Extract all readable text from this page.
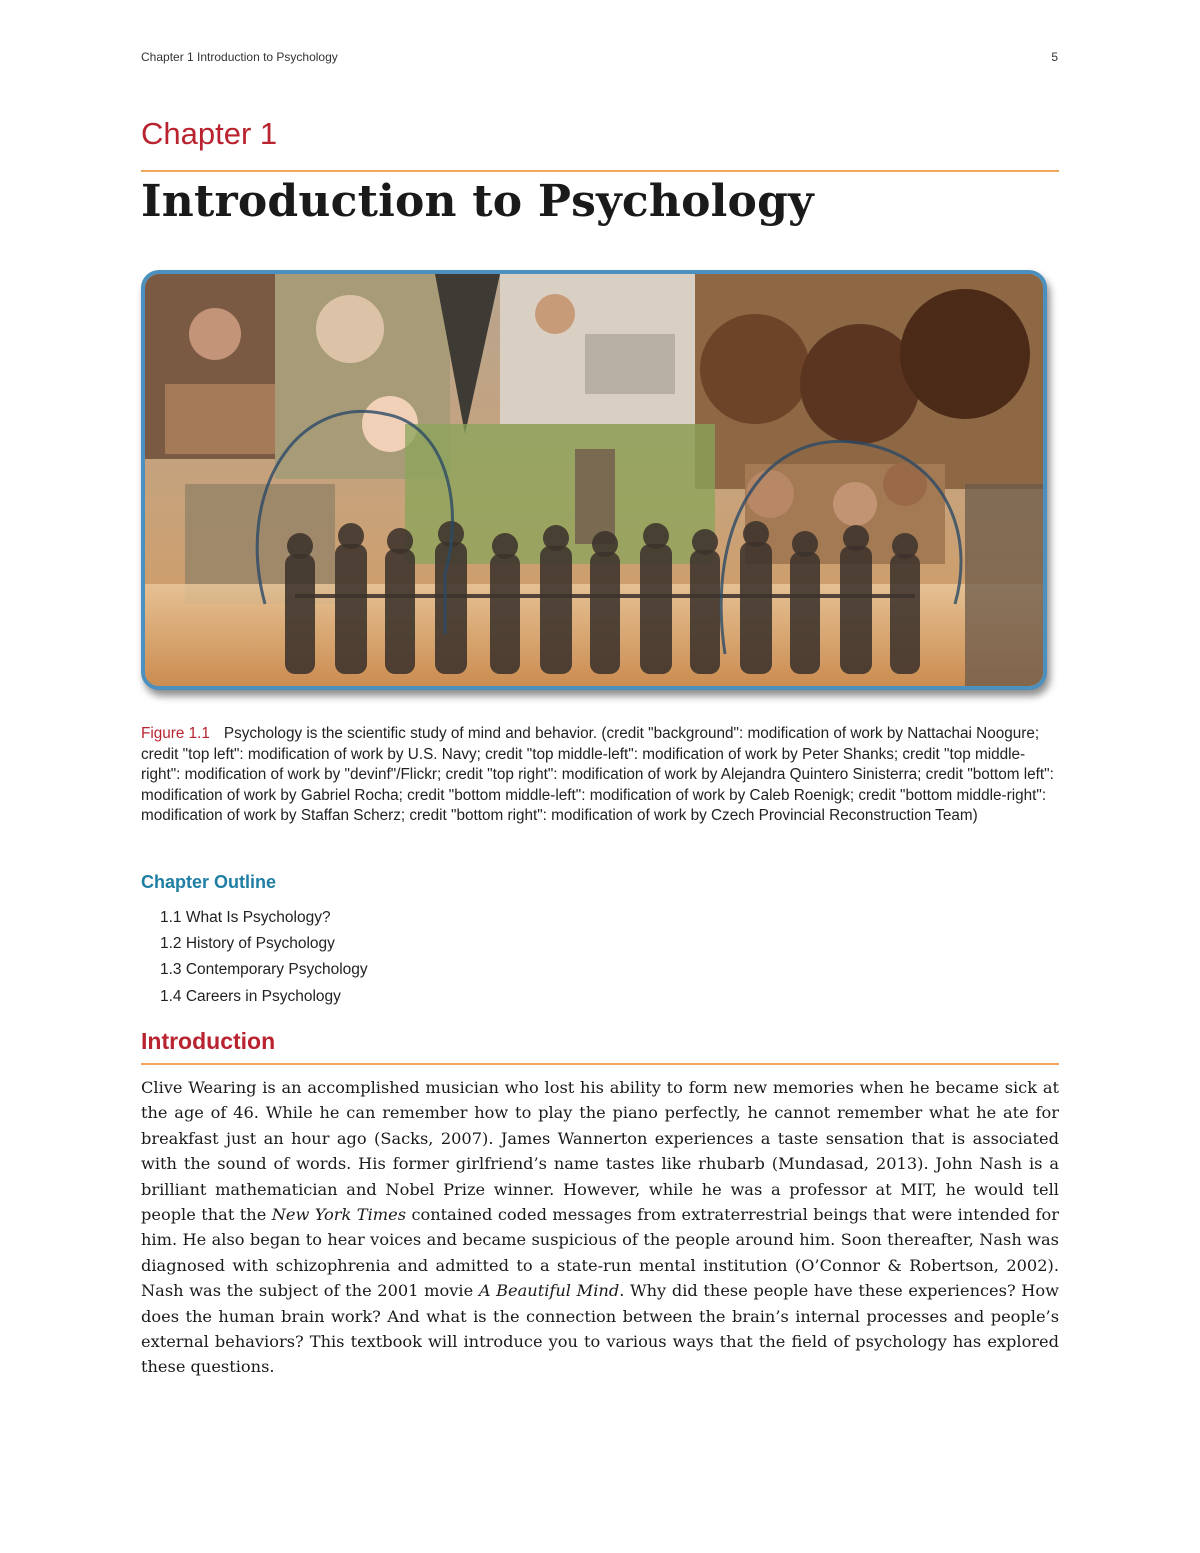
Chapter 1 Introduction to Psychology	5
Chapter 1
Introduction to Psychology
Figure 1.1 Psychology is the scientific study of mind and behavior. (credit "background": modification of work by Nattachai Noogure; credit "top left": modification of work by U.S. Navy; credit "top middle-left": modification of work by Peter Shanks; credit "top middle-right": modification of work by "devinf"/Flickr; credit "top right": modification of work by Alejandra Quintero Sinisterra; credit "bottom left": modification of work by Gabriel Rocha; credit "bottom middle-left": modification of work by Caleb Roenigk; credit "bottom middle-right": modification of work by Staffan Scherz; credit "bottom right": modification of work by Czech Provincial Reconstruction Team)
Chapter Outline
1.1 What Is Psychology?
1.2 History of Psychology
1.3 Contemporary Psychology
1.4 Careers in Psychology
Introduction

Clive Wearing is an accomplished musician who lost his ability to form new memories when he became sick at the age of 46. While he can remember how to play the piano perfectly, he cannot remember what he ate for breakfast just an hour ago (Sacks, 2007). James Wannerton experiences a taste sensation that is associated with the sound of words. His former girlfriend’s name tastes like rhubarb (Mundasad, 2013). John Nash is a brilliant mathematician and Nobel Prize winner. However, while he was a professor at MIT, he would tell people that the New York Times contained coded messages from extraterrestrial beings that were intended for him. He also began to hear voices and became suspicious of the people around him. Soon thereafter, Nash was diagnosed with schizophrenia and admitted to a state-run mental institution (O’Connor & Robertson, 2002). Nash was the subject of the 2001 movie A Beautiful Mind. Why did these people have these experiences? How does the human brain work? And what is the connection between the brain’s internal processes and people’s external behaviors? This textbook will introduce you to various ways that the field of psychology has explored these questions.
